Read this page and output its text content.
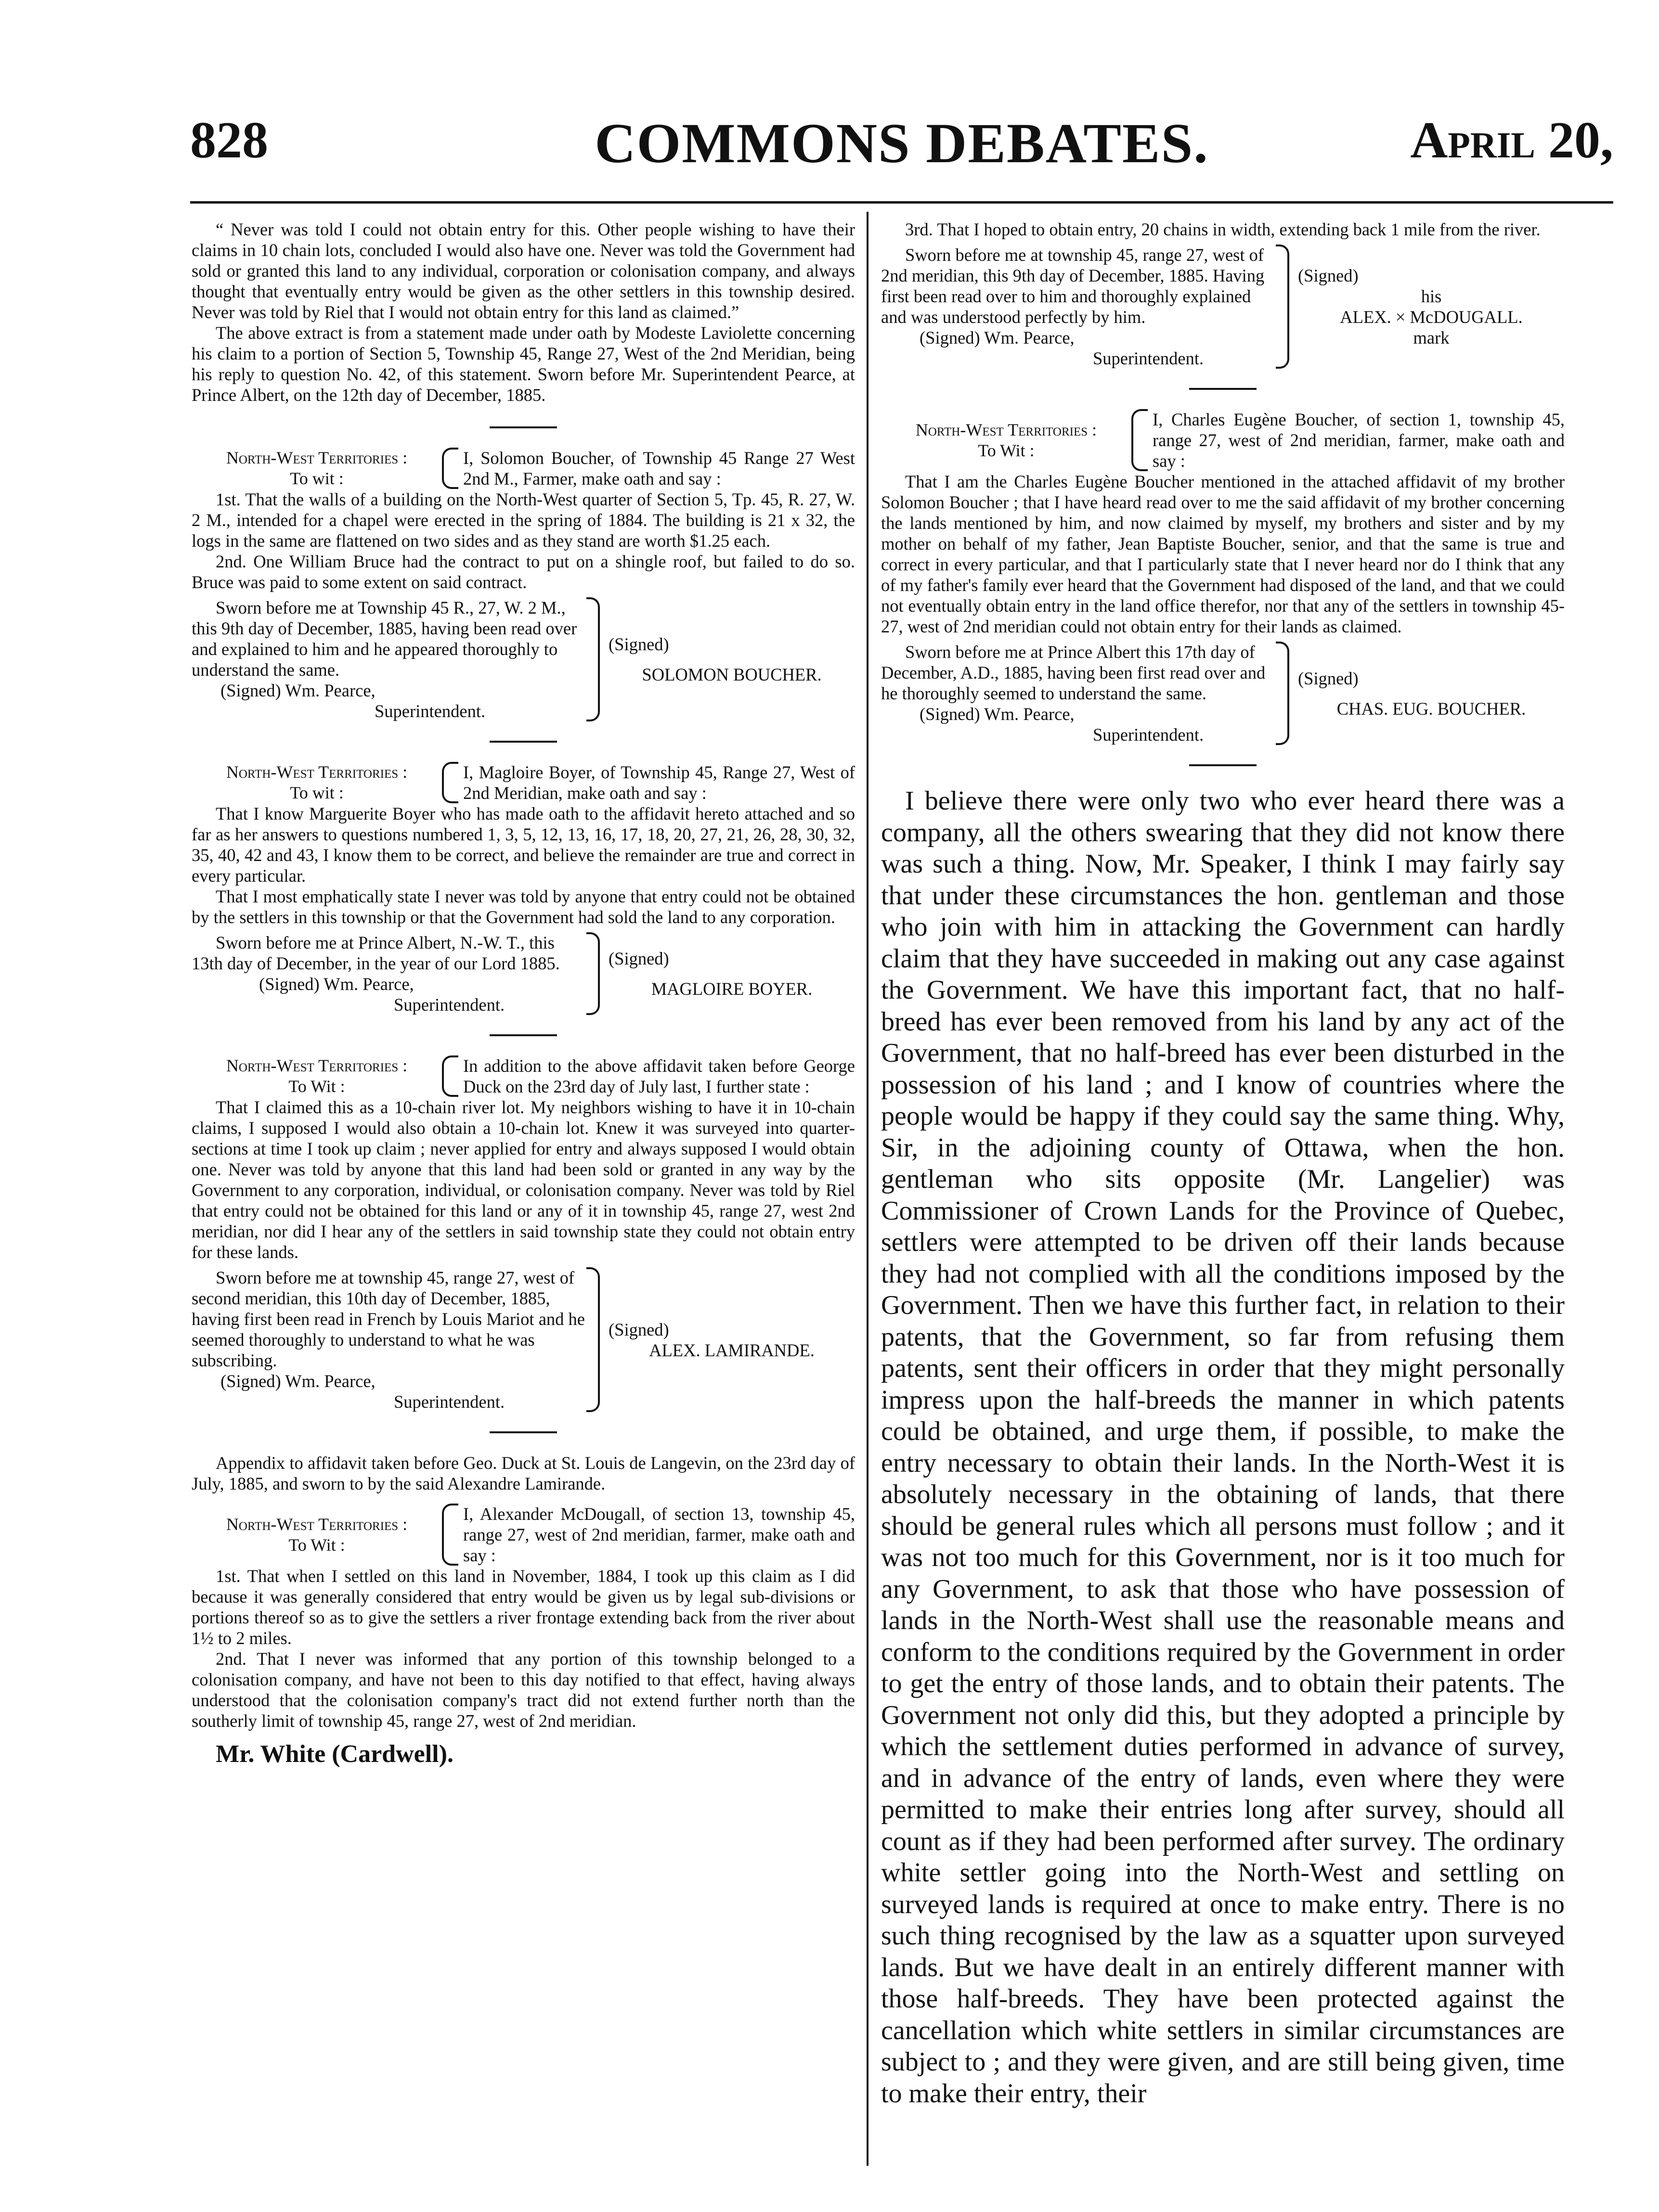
828	COMMONS DEBATES.	April 20,

“ Never was told I could not obtain entry for this. Other people wishing to have their claims in 10 chain lots, concluded I would also have one. Never was told the Government had sold or granted this land to any individual, corporation or colonisation company, and always thought that eventually entry would be given as the other settlers in this township desired. Never was told by Riel that I would not obtain entry for this land as claimed.”

The above extract is from a statement made under oath by Modeste Laviolette concerning his claim to a portion of Section 5, Township 45, Range 27, West of the 2nd Meridian, being his reply to question No. 42, of this statement. Sworn before Mr. Superintendent Pearce, at Prince Albert, on the 12th day of December, 1885.

North-West Territories :
To wit :
I, Solomon Boucher, of Township 45 Range 27 West 2nd M., Farmer, make oath and say :

1st. That the walls of a building on the North-West quarter of Section 5, Tp. 45, R. 27, W. 2 M., intended for a chapel were erected in the spring of 1884. The building is 21 x 32, the logs in the same are flattened on two sides and as they stand are worth $1.25 each.

2nd. One William Bruce had the contract to put on a shingle roof, but failed to do so. Bruce was paid to some extent on said contract.

Sworn before me at Township 45 R., 27, W. 2 M., this 9th day of December, 1885, having been read over and explained to him and he appeared thoroughly to understand the same.
(Signed) Wm. Pearce,
Superintendent.
(Signed)
SOLOMON BOUCHER.
North-West Territories :
To wit :
I, Magloire Boyer, of Township 45, Range 27, West of 2nd Meridian, make oath and say :

That I know Marguerite Boyer who has made oath to the affidavit hereto attached and so far as her answers to questions numbered 1, 3, 5, 12, 13, 16, 17, 18, 20, 27, 21, 26, 28, 30, 32, 35, 40, 42 and 43, I know them to be correct, and believe the remainder are true and correct in every particular.

That I most emphatically state I never was told by anyone that entry could not be obtained by the settlers in this township or that the Government had sold the land to any corporation.

Sworn before me at Prince Albert, N.-W. T., this 13th day of December, in the year of our Lord 1885.
(Signed) Wm. Pearce,
Superintendent.
(Signed)
MAGLOIRE BOYER.
North-West Territories :
To Wit :
In addition to the above affidavit taken before George Duck on the 23rd day of July last, I further state :

That I claimed this as a 10-chain river lot. My neighbors wishing to have it in 10-chain claims, I supposed I would also obtain a 10-chain lot. Knew it was surveyed into quarter-sections at time I took up claim ; never applied for entry and always supposed I would obtain one. Never was told by anyone that this land had been sold or granted in any way by the Government to any corporation, individual, or colonisation company. Never was told by Riel that entry could not be obtained for this land or any of it in township 45, range 27, west 2nd meridian, nor did I hear any of the settlers in said township state they could not obtain entry for these lands.

Sworn before me at township 45, range 27, west of second meridian, this 10th day of December, 1885, having first been read in French by Louis Mariot and he seemed thoroughly to understand to what he was subscribing.
(Signed) Wm. Pearce,
Superintendent.
(Signed)
ALEX. LAMIRANDE.

Appendix to affidavit taken before Geo. Duck at St. Louis de Langevin, on the 23rd day of July, 1885, and sworn to by the said Alexandre Lamirande.

North-West Territories :
To Wit :
I, Alexander McDougall, of section 13, township 45, range 27, west of 2nd meridian, farmer, make oath and say :

1st. That when I settled on this land in November, 1884, I took up this claim as I did because it was generally considered that entry would be given us by legal sub-divisions or portions thereof so as to give the settlers a river frontage extending back from the river about 1½ to 2 miles.

2nd. That I never was informed that any portion of this township belonged to a colonisation company, and have not been to this day notified to that effect, having always understood that the colonisation company's tract did not extend further north than the southerly limit of township 45, range 27, west of 2nd meridian.

Mr. White (Cardwell).

3rd. That I hoped to obtain entry, 20 chains in width, extending back 1 mile from the river.

Sworn before me at township 45, range 27, west of 2nd meridian, this 9th day of December, 1885. Having first been read over to him and thoroughly explained and was understood perfectly by him.
(Signed) Wm. Pearce,
Superintendent.
(Signed)
his
ALEX. × McDOUGALL.
mark
North-West Territories :
To Wit :
I, Charles Eugène Boucher, of section 1, township 45, range 27, west of 2nd meridian, farmer, make oath and say :

That I am the Charles Eugène Boucher mentioned in the attached affidavit of my brother Solomon Boucher ; that I have heard read over to me the said affidavit of my brother concerning the lands mentioned by him, and now claimed by myself, my brothers and sister and by my mother on behalf of my father, Jean Baptiste Boucher, senior, and that the same is true and correct in every particular, and that I particularly state that I never heard nor do I think that any of my father's family ever heard that the Government had disposed of the land, and that we could not eventually obtain entry in the land office therefor, nor that any of the settlers in township 45-27, west of 2nd meridian could not obtain entry for their lands as claimed.

Sworn before me at Prince Albert this 17th day of December, A.D., 1885, having been first read over and he thoroughly seemed to understand the same.
(Signed) Wm. Pearce,
Superintendent.
(Signed)
CHAS. EUG. BOUCHER.

I believe there were only two who ever heard there was a company, all the others swearing that they did not know there was such a thing. Now, Mr. Speaker, I think I may fairly say that under these circumstances the hon. gentleman and those who join with him in attacking the Government can hardly claim that they have succeeded in making out any case against the Government. We have this important fact, that no half-breed has ever been removed from his land by any act of the Government, that no half-breed has ever been disturbed in the possession of his land ; and I know of countries where the people would be happy if they could say the same thing. Why, Sir, in the adjoining county of Ottawa, when the hon. gentleman who sits opposite (Mr. Langelier) was Commissioner of Crown Lands for the Province of Quebec, settlers were attempted to be driven off their lands because they had not complied with all the conditions imposed by the Government. Then we have this further fact, in relation to their patents, that the Government, so far from refusing them patents, sent their officers in order that they might personally impress upon the half-breeds the manner in which patents could be obtained, and urge them, if possible, to make the entry necessary to obtain their lands. In the North-West it is absolutely necessary in the obtaining of lands, that there should be general rules which all persons must follow ; and it was not too much for this Government, nor is it too much for any Government, to ask that those who have possession of lands in the North-West shall use the reasonable means and conform to the conditions required by the Government in order to get the entry of those lands, and to obtain their patents. The Government not only did this, but they adopted a principle by which the settlement duties performed in advance of survey, and in advance of the entry of lands, even where they were permitted to make their entries long after survey, should all count as if they had been performed after survey. The ordinary white settler going into the North-West and settling on surveyed lands is required at once to make entry. There is no such thing recognised by the law as a squatter upon surveyed lands. But we have dealt in an entirely different manner with those half-breeds. They have been protected against the cancellation which white settlers in similar circumstances are subject to ; and they were given, and are still being given, time to make their entry, their
